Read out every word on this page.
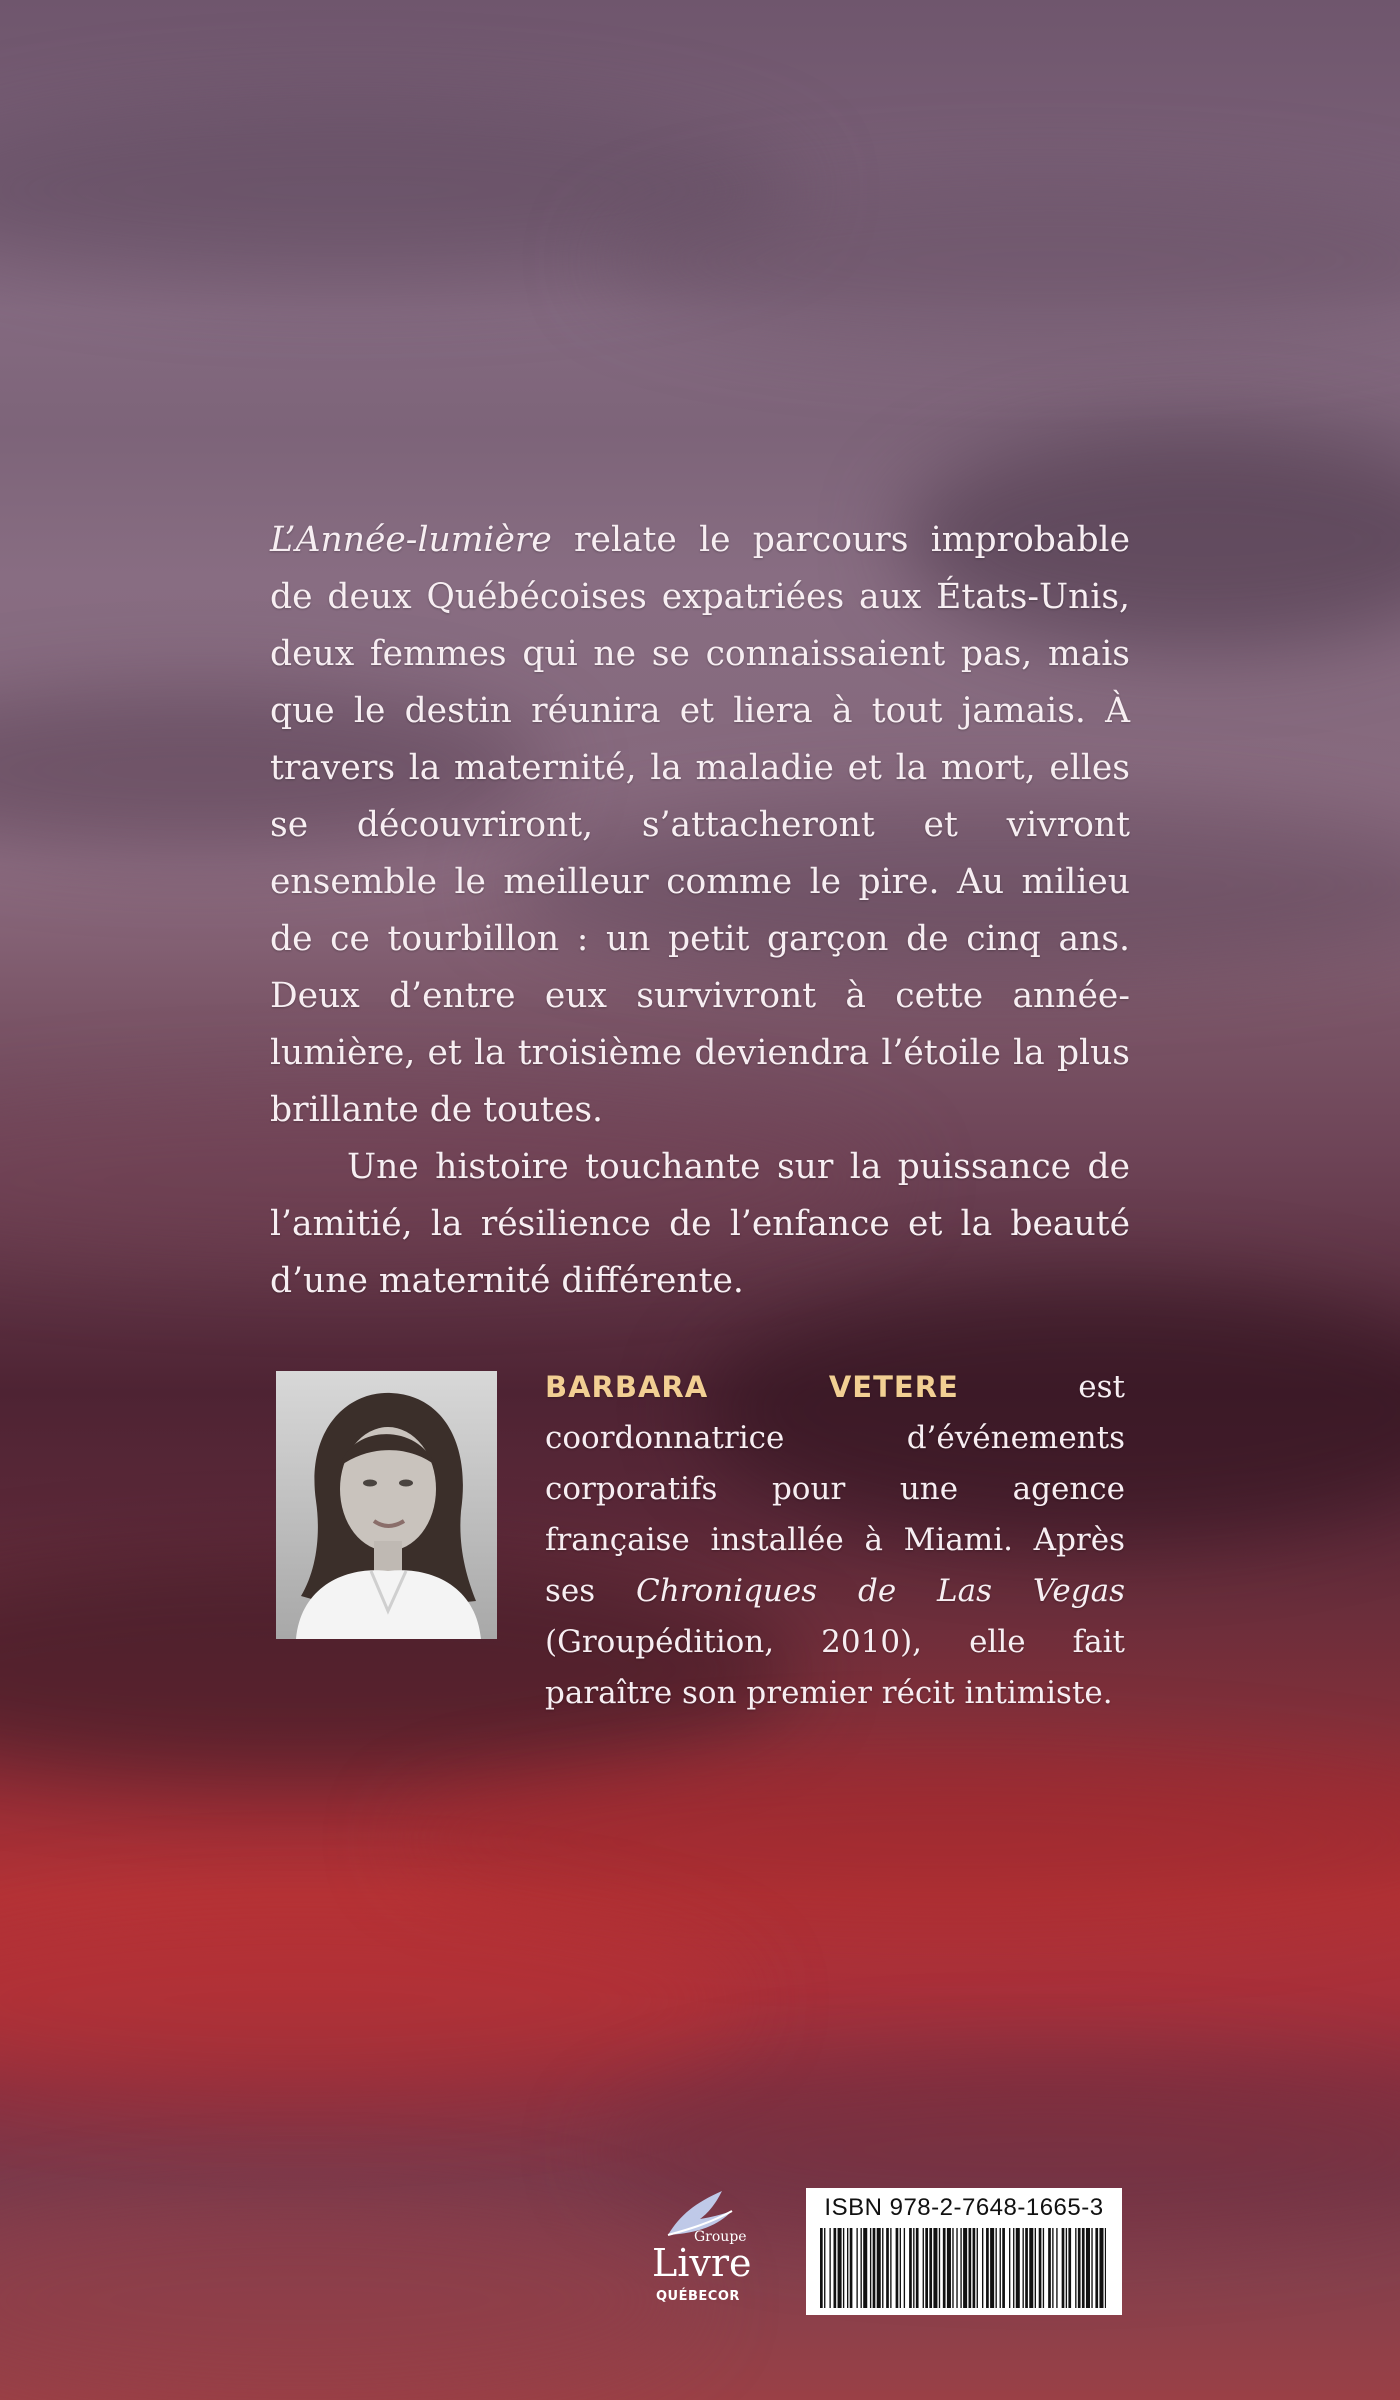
L’Année-lumière relate le parcours improbable de deux Québécoises expatriées aux États-Unis, deux femmes qui ne se connaissaient pas, mais que le destin réunira et liera à tout jamais. À travers la maternité, la maladie et la mort, elles se découvriront, s’attacheront et vivront ensemble le meilleur comme le pire. Au milieu de ce tourbillon : un petit garçon de cinq ans. Deux d’entre eux survivront à cette année-lumière, et la troisième deviendra l’étoile la plus brillante de toutes.

Une histoire touchante sur la puissance de l’amitié, la résilience de l’enfance et la beauté d’une maternité différente.

BARBARA VETERE est coordonnatrice d’événements corporatifs pour une agence française installée à Miami. Après ses Chroniques de Las Vegas (Groupédition, 2010), elle fait paraître son premier récit intimiste.

Groupe
Livre
QUÉBECOR
ISBN 978-2-7648-1665-3
